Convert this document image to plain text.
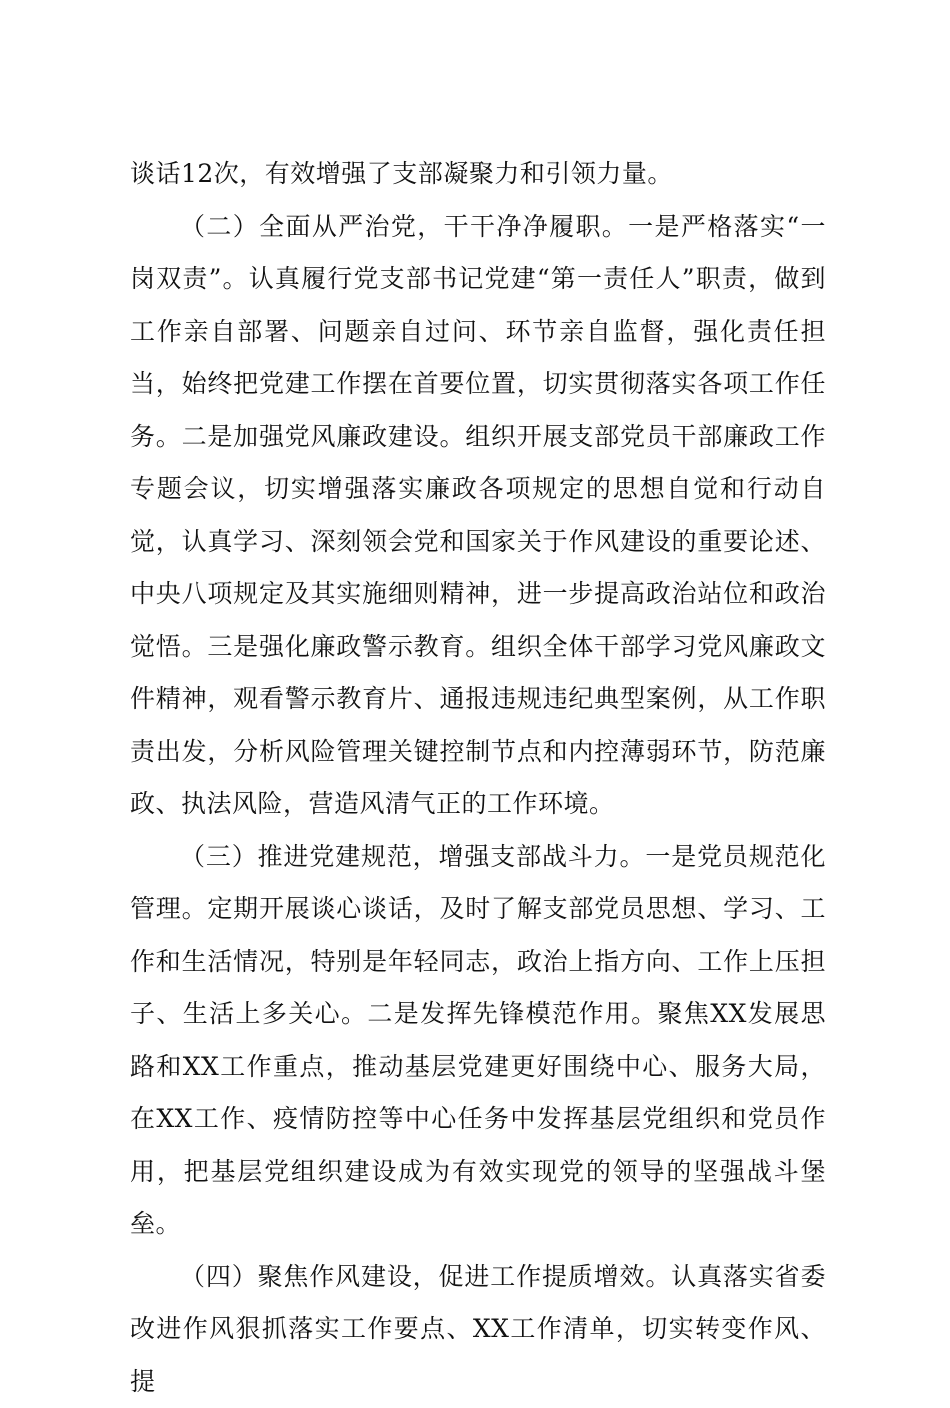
谈话12次，有效增强了支部凝聚力和引领力量。

（二）全面从严治党，干干净净履职。一是严格落实“一岗双责”。认真履行党支部书记党建“第一责任人”职责，做到工作亲自部署、问题亲自过问、环节亲自监督，强化责任担当，始终把党建工作摆在首要位置，切实贯彻落实各项工作任务。二是加强党风廉政建设。组织开展支部党员干部廉政工作专题会议，切实增强落实廉政各项规定的思想自觉和行动自觉，认真学习、深刻领会党和国家关于作风建设的重要论述、中央八项规定及其实施细则精神，进一步提高政治站位和政治觉悟。三是强化廉政警示教育。组织全体干部学习党风廉政文件精神，观看警示教育片、通报违规违纪典型案例，从工作职责出发，分析风险管理关键控制节点和内控薄弱环节，防范廉政、执法风险，营造风清气正的工作环境。

（三）推进党建规范，增强支部战斗力。一是党员规范化管理。定期开展谈心谈话，及时了解支部党员思想、学习、工作和生活情况，特别是年轻同志，政治上指方向、工作上压担子、生活上多关心。二是发挥先锋模范作用。聚焦XX发展思路和XX工作重点，推动基层党建更好围绕中心、服务大局，在XX工作、疫情防控等中心任务中发挥基层党组织和党员作用，把基层党组织建设成为有效实现党的领导的坚强战斗堡垒。

（四）聚焦作风建设，促进工作提质增效。认真落实省委改进作风狠抓落实工作要点、XX工作清单，切实转变作风、提
